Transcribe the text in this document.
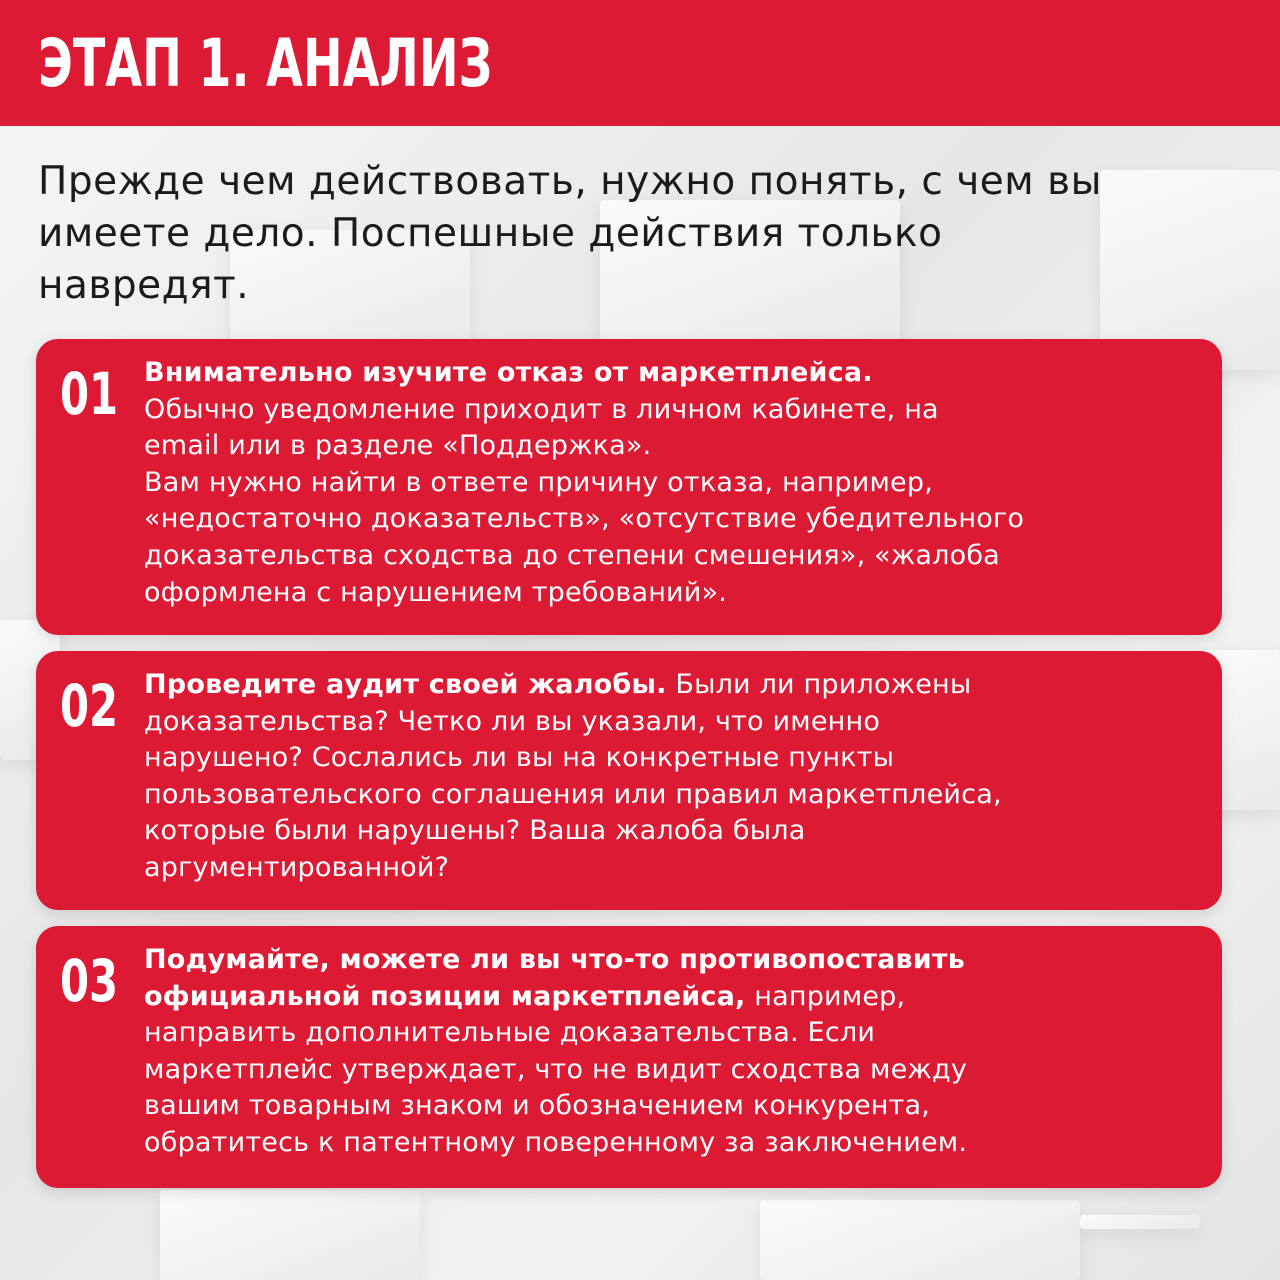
ЭТАП 1. АНАЛИЗ

Прежде чем действовать, нужно понять, с чем вы
имеете дело. Поспешные действия только
навредят.

01 Внимательно изучите отказ от маркетплейса.
Обычно уведомление приходит в личном кабинете, на
email или в разделе «Поддержка».
Вам нужно найти в ответе причину отказа, например,
«недостаточно доказательств», «отсутствие убедительного
доказательства сходства до степени смешения», «жалоба
оформлена с нарушением требований».

02 Проведите аудит своей жалобы. Были ли приложены
доказательства? Четко ли вы указали, что именно
нарушено? Сослались ли вы на конкретные пункты
пользовательского соглашения или правил маркетплейса,
которые были нарушены? Ваша жалоба была
аргументированной?

03 Подумайте, можете ли вы что-то противопоставить
официальной позиции маркетплейса, например,
направить дополнительные доказательства. Если
маркетплейс утверждает, что не видит сходства между
вашим товарным знаком и обозначением конкурента,
обратитесь к патентному поверенному за заключением.
